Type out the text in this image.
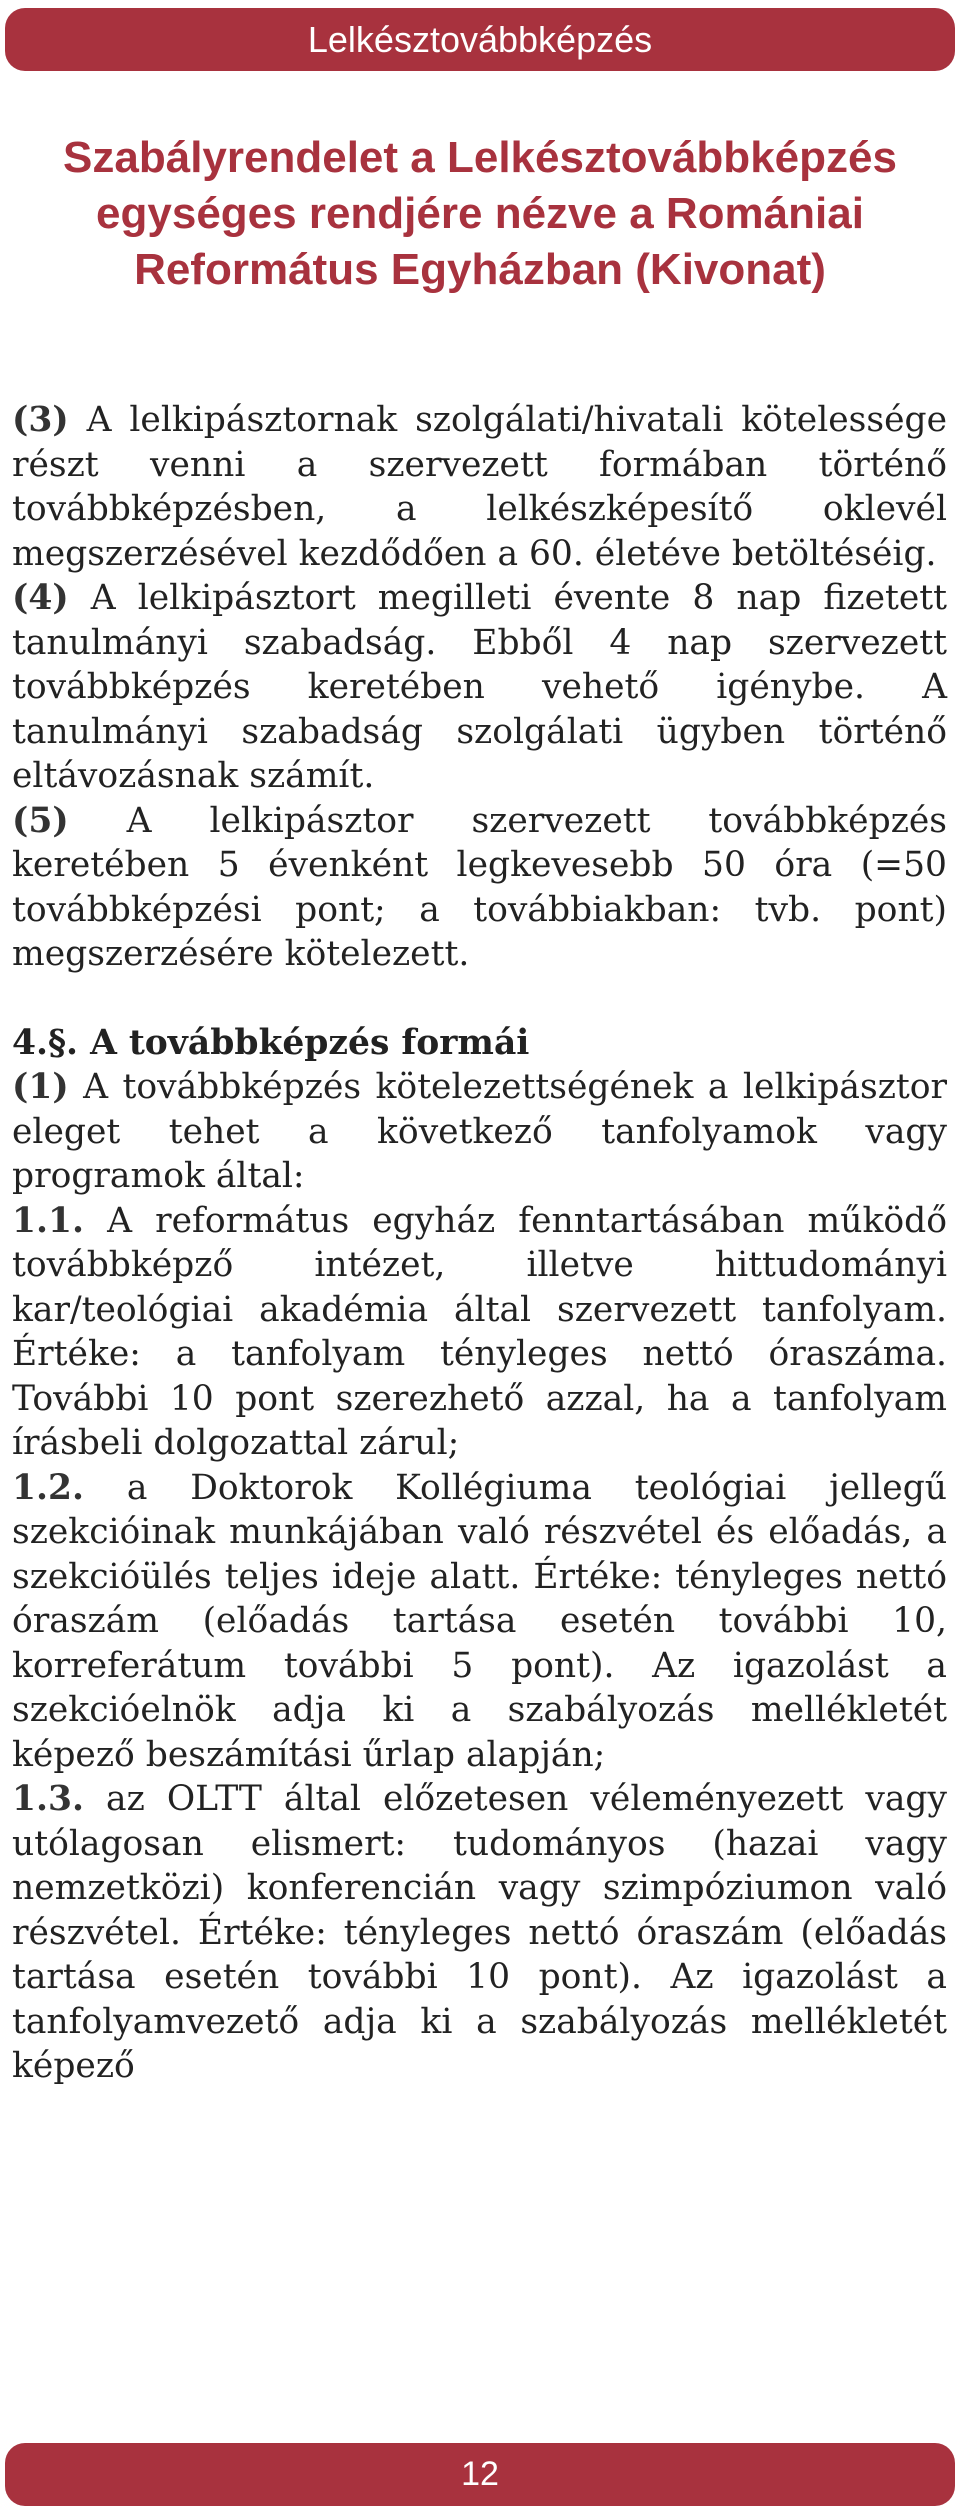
Lelkésztovábbképzés
Szabályrendelet a Lelkésztovábbképzés egységes rendjére nézve a Romániai Református Egyházban (Kivonat)

(3) A lelkipásztornak szolgálati/hivatali kötelessége részt venni a szervezett formában történő továbbképzésben, a lelkészképesítő oklevél megszerzésével kezdődően a 60. életéve betöltéséig.

(4) A lelkipásztort megilleti évente 8 nap fizetett tanulmányi szabadság. Ebből 4 nap szervezett továbbképzés keretében vehető igénybe. A tanulmányi szabadság szolgálati ügyben történő eltávozásnak számít.

(5) A lelkipásztor szervezett továbbképzés keretében 5 évenként legkevesebb 50 óra (=50 továbbképzési pont; a továbbiakban: tvb. pont) megszerzésére kötelezett.

4.§. A továbbképzés formái

(1) A továbbképzés kötelezettségének a lelkipásztor eleget tehet a következő tanfolyamok vagy programok által:

1.1. A református egyház fenntartásában működő továbbképző intézet, illetve hittudományi kar/teológiai akadémia által szervezett tanfolyam. Értéke: a tanfolyam tényleges nettó óraszáma. További 10 pont szerezhető azzal, ha a tanfolyam írásbeli dolgozattal zárul;

1.2. a Doktorok Kollégiuma teológiai jellegű szekcióinak munkájában való részvétel és előadás, a szekcióülés teljes ideje alatt. Értéke: tényleges nettó óraszám (előadás tartása esetén további 10, korreferátum további 5 pont). Az igazolást a szekcióelnök adja ki a szabályozás mellékletét képező beszámítási űrlap alapján;

1.3. az OLTT által előzetesen véleményezett vagy utólagosan elismert: tudományos (hazai vagy nemzetközi) konferencián vagy szimpóziumon való részvétel. Értéke: tényleges nettó óraszám (előadás tartása esetén további 10 pont). Az igazolást a tanfolyamvezető adja ki a szabályozás mellékletét képező

12
